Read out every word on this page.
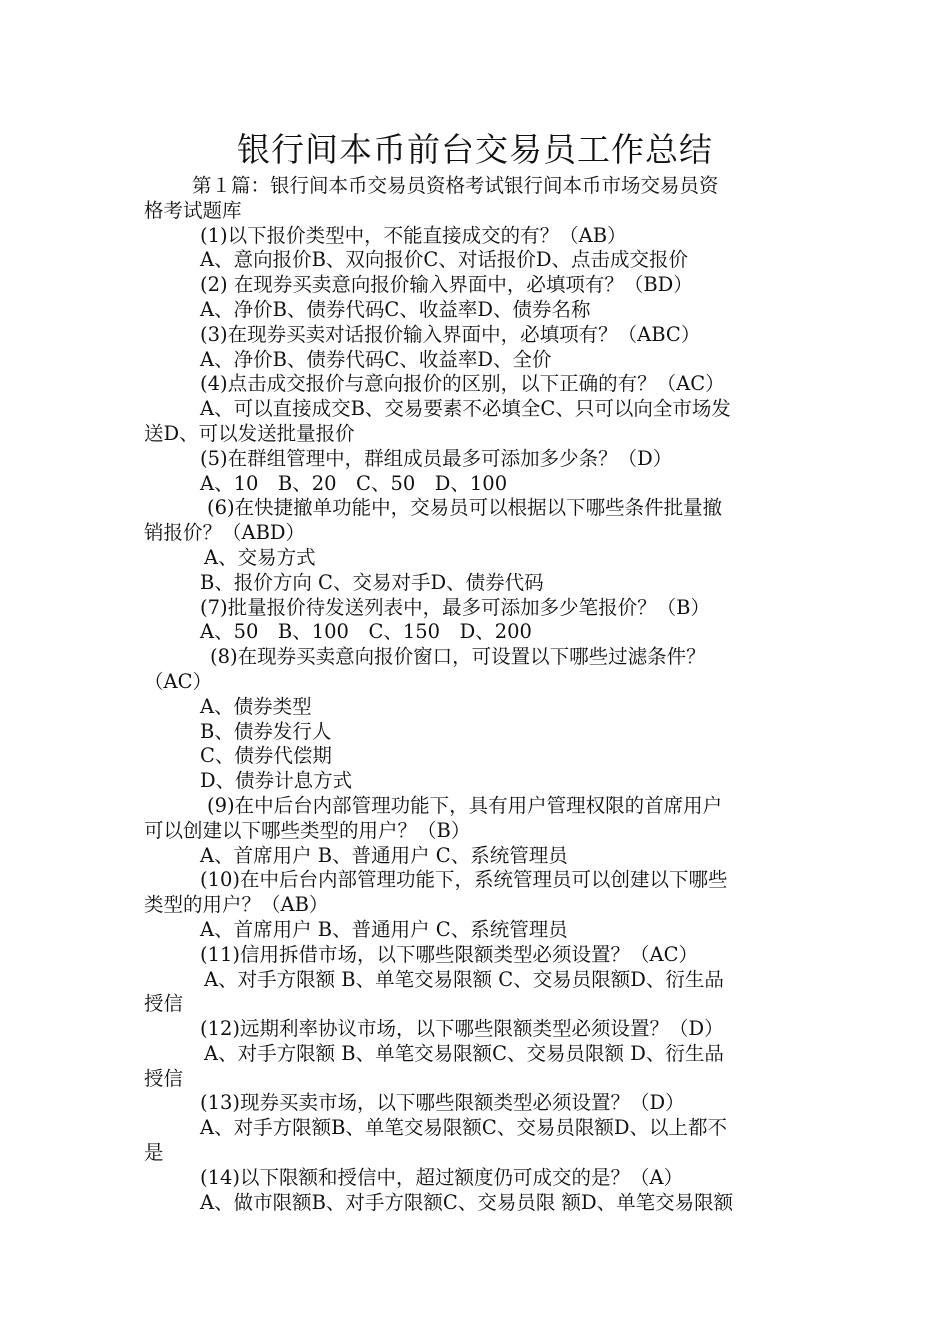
银行间本币前台交易员工作总结
第１篇：银行间本币交易员资格考试银行间本币市场交易员资
格考试题库
(1)以下报价类型中，不能直接成交的有？（AB）
A、意向报价B、双向报价C、对话报价D、点击成交报价
(2) 在现券买卖意向报价输入界面中，必填项有？（BD）
A、净价B、债券代码C、收益率D、债券名称
(3)在现券买卖对话报价输入界面中，必填项有？（ABC）
A、净价B、债券代码C、收益率D、全价
(4)点击成交报价与意向报价的区别，以下正确的有？（AC）
A、可以直接成交B、交易要素不必填全C、只可以向全市场发
送D、可以发送批量报价
(5)在群组管理中，群组成员最多可添加多少条？（D）
A、10　B、20　C、50　D、100
(6)在快捷撤单功能中，交易员可以根据以下哪些条件批量撤
销报价？（ABD）
A、交易方式
B、报价方向 C、交易对手D、债券代码
(7)批量报价待发送列表中，最多可添加多少笔报价？（B）
A、50　B、100　C、150　D、200
(8)在现券买卖意向报价窗口，可设置以下哪些过滤条件？
（AC）
A、债券类型
B、债券发行人
C、债券代偿期
D、债券计息方式
(9)在中后台内部管理功能下，具有用户管理权限的首席用户
可以创建以下哪些类型的用户？（B）
A、首席用户 B、普通用户 C、系统管理员
(10)在中后台内部管理功能下，系统管理员可以创建以下哪些
类型的用户？（AB）
A、首席用户 B、普通用户 C、系统管理员
(11)信用拆借市场，以下哪些限额类型必须设置？（AC）
A、对手方限额 B、单笔交易限额 C、交易员限额D、衍生品
授信
(12)远期利率协议市场，以下哪些限额类型必须设置？（D）
A、对手方限额 B、单笔交易限额C、交易员限额 D、衍生品
授信
(13)现券买卖市场，以下哪些限额类型必须设置？（D）
A、对手方限额B、单笔交易限额C、交易员限额D、以上都不
是
(14)以下限额和授信中，超过额度仍可成交的是？（A）
A、做市限额B、对手方限额C、交易员限 额D、单笔交易限额
